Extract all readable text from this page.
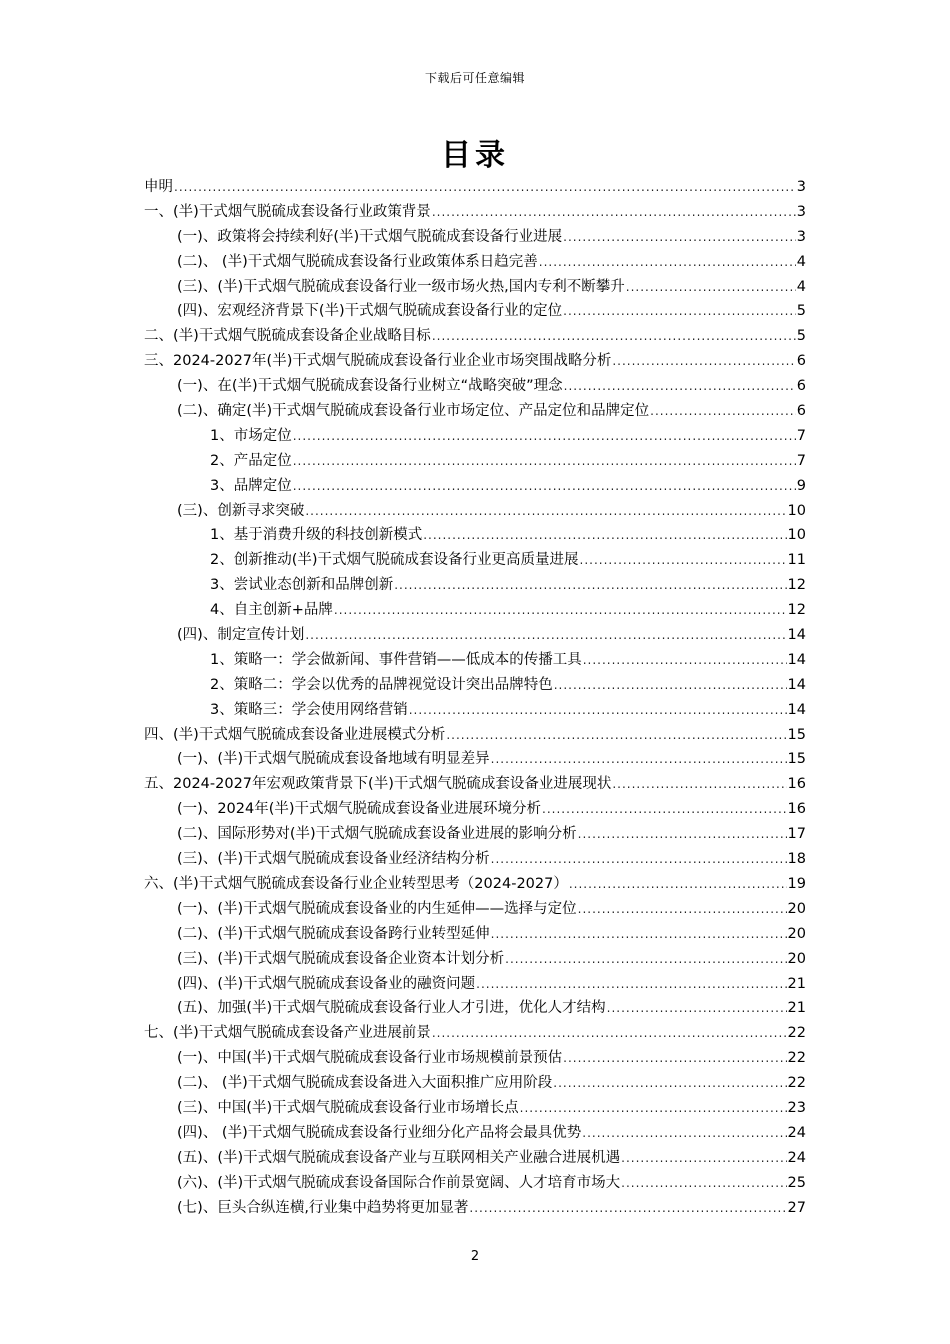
下载后可任意编辑
目录
申明 .....	3
一、(半)干式烟气脱硫成套设备行业政策背景 .....	3
(一)、政策将会持续利好(半)干式烟气脱硫成套设备行业进展 .....	3
(二)、 (半)干式烟气脱硫成套设备行业政策体系日趋完善 .....	4
(三)、(半)干式烟气脱硫成套设备行业一级市场火热,国内专利不断攀升 .....	4
(四)、宏观经济背景下(半)干式烟气脱硫成套设备行业的定位 .....	5
二、(半)干式烟气脱硫成套设备企业战略目标 .....	5
三、2024-2027年(半)干式烟气脱硫成套设备行业企业市场突围战略分析 .....	6
(一)、在(半)干式烟气脱硫成套设备行业树立“战略突破”理念 .....	6
(二)、确定(半)干式烟气脱硫成套设备行业市场定位、产品定位和品牌定位 .....	6
1、市场定位 .....	7
2、产品定位 .....	7
3、品牌定位 .....	9
(三)、创新寻求突破 .....	10
1、基于消费升级的科技创新模式 .....	10
2、创新推动(半)干式烟气脱硫成套设备行业更高质量进展 .....	11
3、尝试业态创新和品牌创新 .....	12
4、自主创新+品牌 .....	12
(四)、制定宣传计划 .....	14
1、策略一：学会做新闻、事件营销——低成本的传播工具 .....	14
2、策略二：学会以优秀的品牌视觉设计突出品牌特色 .....	14
3、策略三：学会使用网络营销 .....	14
四、(半)干式烟气脱硫成套设备业进展模式分析 .....	15
(一)、(半)干式烟气脱硫成套设备地域有明显差异 .....	15
五、2024-2027年宏观政策背景下(半)干式烟气脱硫成套设备业进展现状 .....	16
(一)、2024年(半)干式烟气脱硫成套设备业进展环境分析 .....	16
(二)、国际形势对(半)干式烟气脱硫成套设备业进展的影响分析 .....	17
(三)、(半)干式烟气脱硫成套设备业经济结构分析 .....	18
六、(半)干式烟气脱硫成套设备行业企业转型思考（2024-2027） .....	19
(一)、(半)干式烟气脱硫成套设备业的内生延伸——选择与定位 .....	20
(二)、(半)干式烟气脱硫成套设备跨行业转型延伸 .....	20
(三)、(半)干式烟气脱硫成套设备企业资本计划分析 .....	20
(四)、(半)干式烟气脱硫成套设备业的融资问题 .....	21
(五)、加强(半)干式烟气脱硫成套设备行业人才引进，优化人才结构 .....	21
七、(半)干式烟气脱硫成套设备产业进展前景 .....	22
(一)、中国(半)干式烟气脱硫成套设备行业市场规模前景预估 .....	22
(二)、 (半)干式烟气脱硫成套设备进入大面积推广应用阶段 .....	22
(三)、中国(半)干式烟气脱硫成套设备行业市场增长点 .....	23
(四)、 (半)干式烟气脱硫成套设备行业细分化产品将会最具优势 .....	24
(五)、(半)干式烟气脱硫成套设备产业与互联网相关产业融合进展机遇 .....	24
(六)、(半)干式烟气脱硫成套设备国际合作前景宽阔、人才培育市场大 .....	25
(七)、巨头合纵连横,行业集中趋势将更加显著 .....	27
2
